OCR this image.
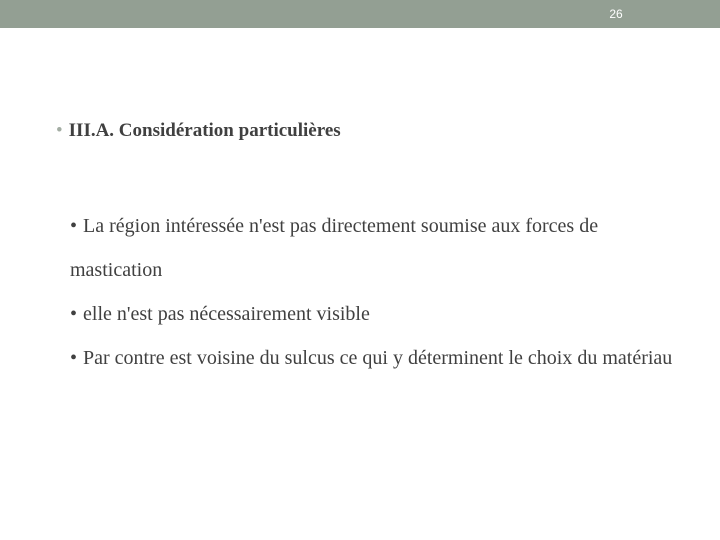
26
• III.A. Considération particulières

• La région intéressée n'est pas directement soumise aux forces de mastication

• elle n'est pas nécessairement visible

• Par contre est voisine du sulcus ce qui y déterminent le choix du matériau
